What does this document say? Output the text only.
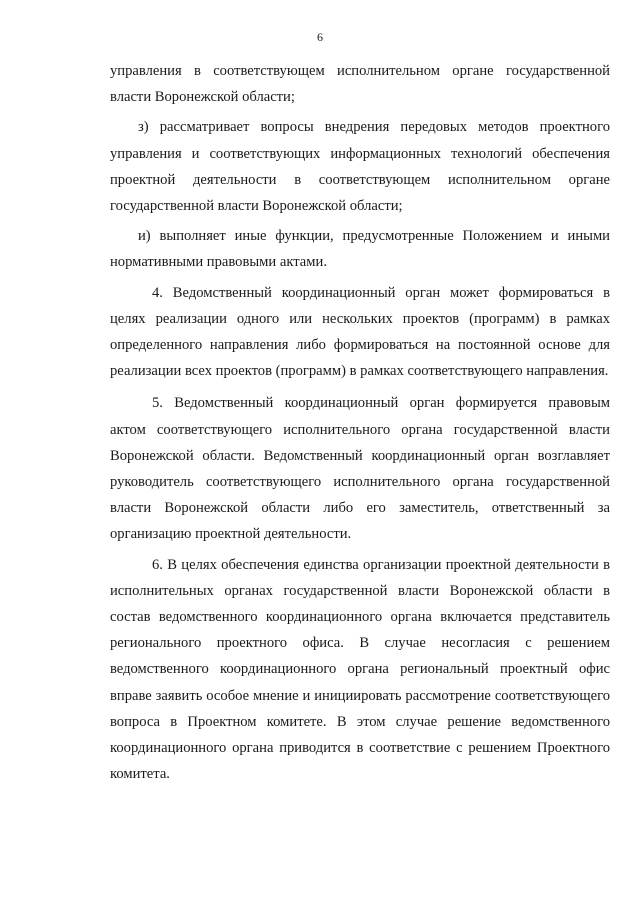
6

управления в соответствующем исполнительном органе государственной власти Воронежской области;

з) рассматривает вопросы внедрения передовых методов проектного управления и соответствующих информационных технологий обеспечения проектной деятельности в соответствующем исполнительном органе государственной власти Воронежской области;

и) выполняет иные функции, предусмотренные Положением и иными нормативными правовыми актами.

4. Ведомственный координационный орган может формироваться в целях реализации одного или нескольких проектов (программ) в рамках определенного направления либо формироваться на постоянной основе для реализации всех проектов (программ) в рамках соответствующего направления.

5. Ведомственный координационный орган формируется правовым актом соответствующего исполнительного органа государственной власти Воронежской области. Ведомственный координационный орган возглавляет руководитель соответствующего исполнительного органа государственной власти Воронежской области либо его заместитель, ответственный за организацию проектной деятельности.

6. В целях обеспечения единства организации проектной деятельности в исполнительных органах государственной власти Воронежской области в состав ведомственного координационного органа включается представитель регионального проектного офиса. В случае несогласия с решением ведомственного координационного органа региональный проектный офис вправе заявить особое мнение и инициировать рассмотрение соответствующего вопроса в Проектном комитете. В этом случае решение ведомственного координационного органа приводится в соответствие с решением Проектного комитета.
